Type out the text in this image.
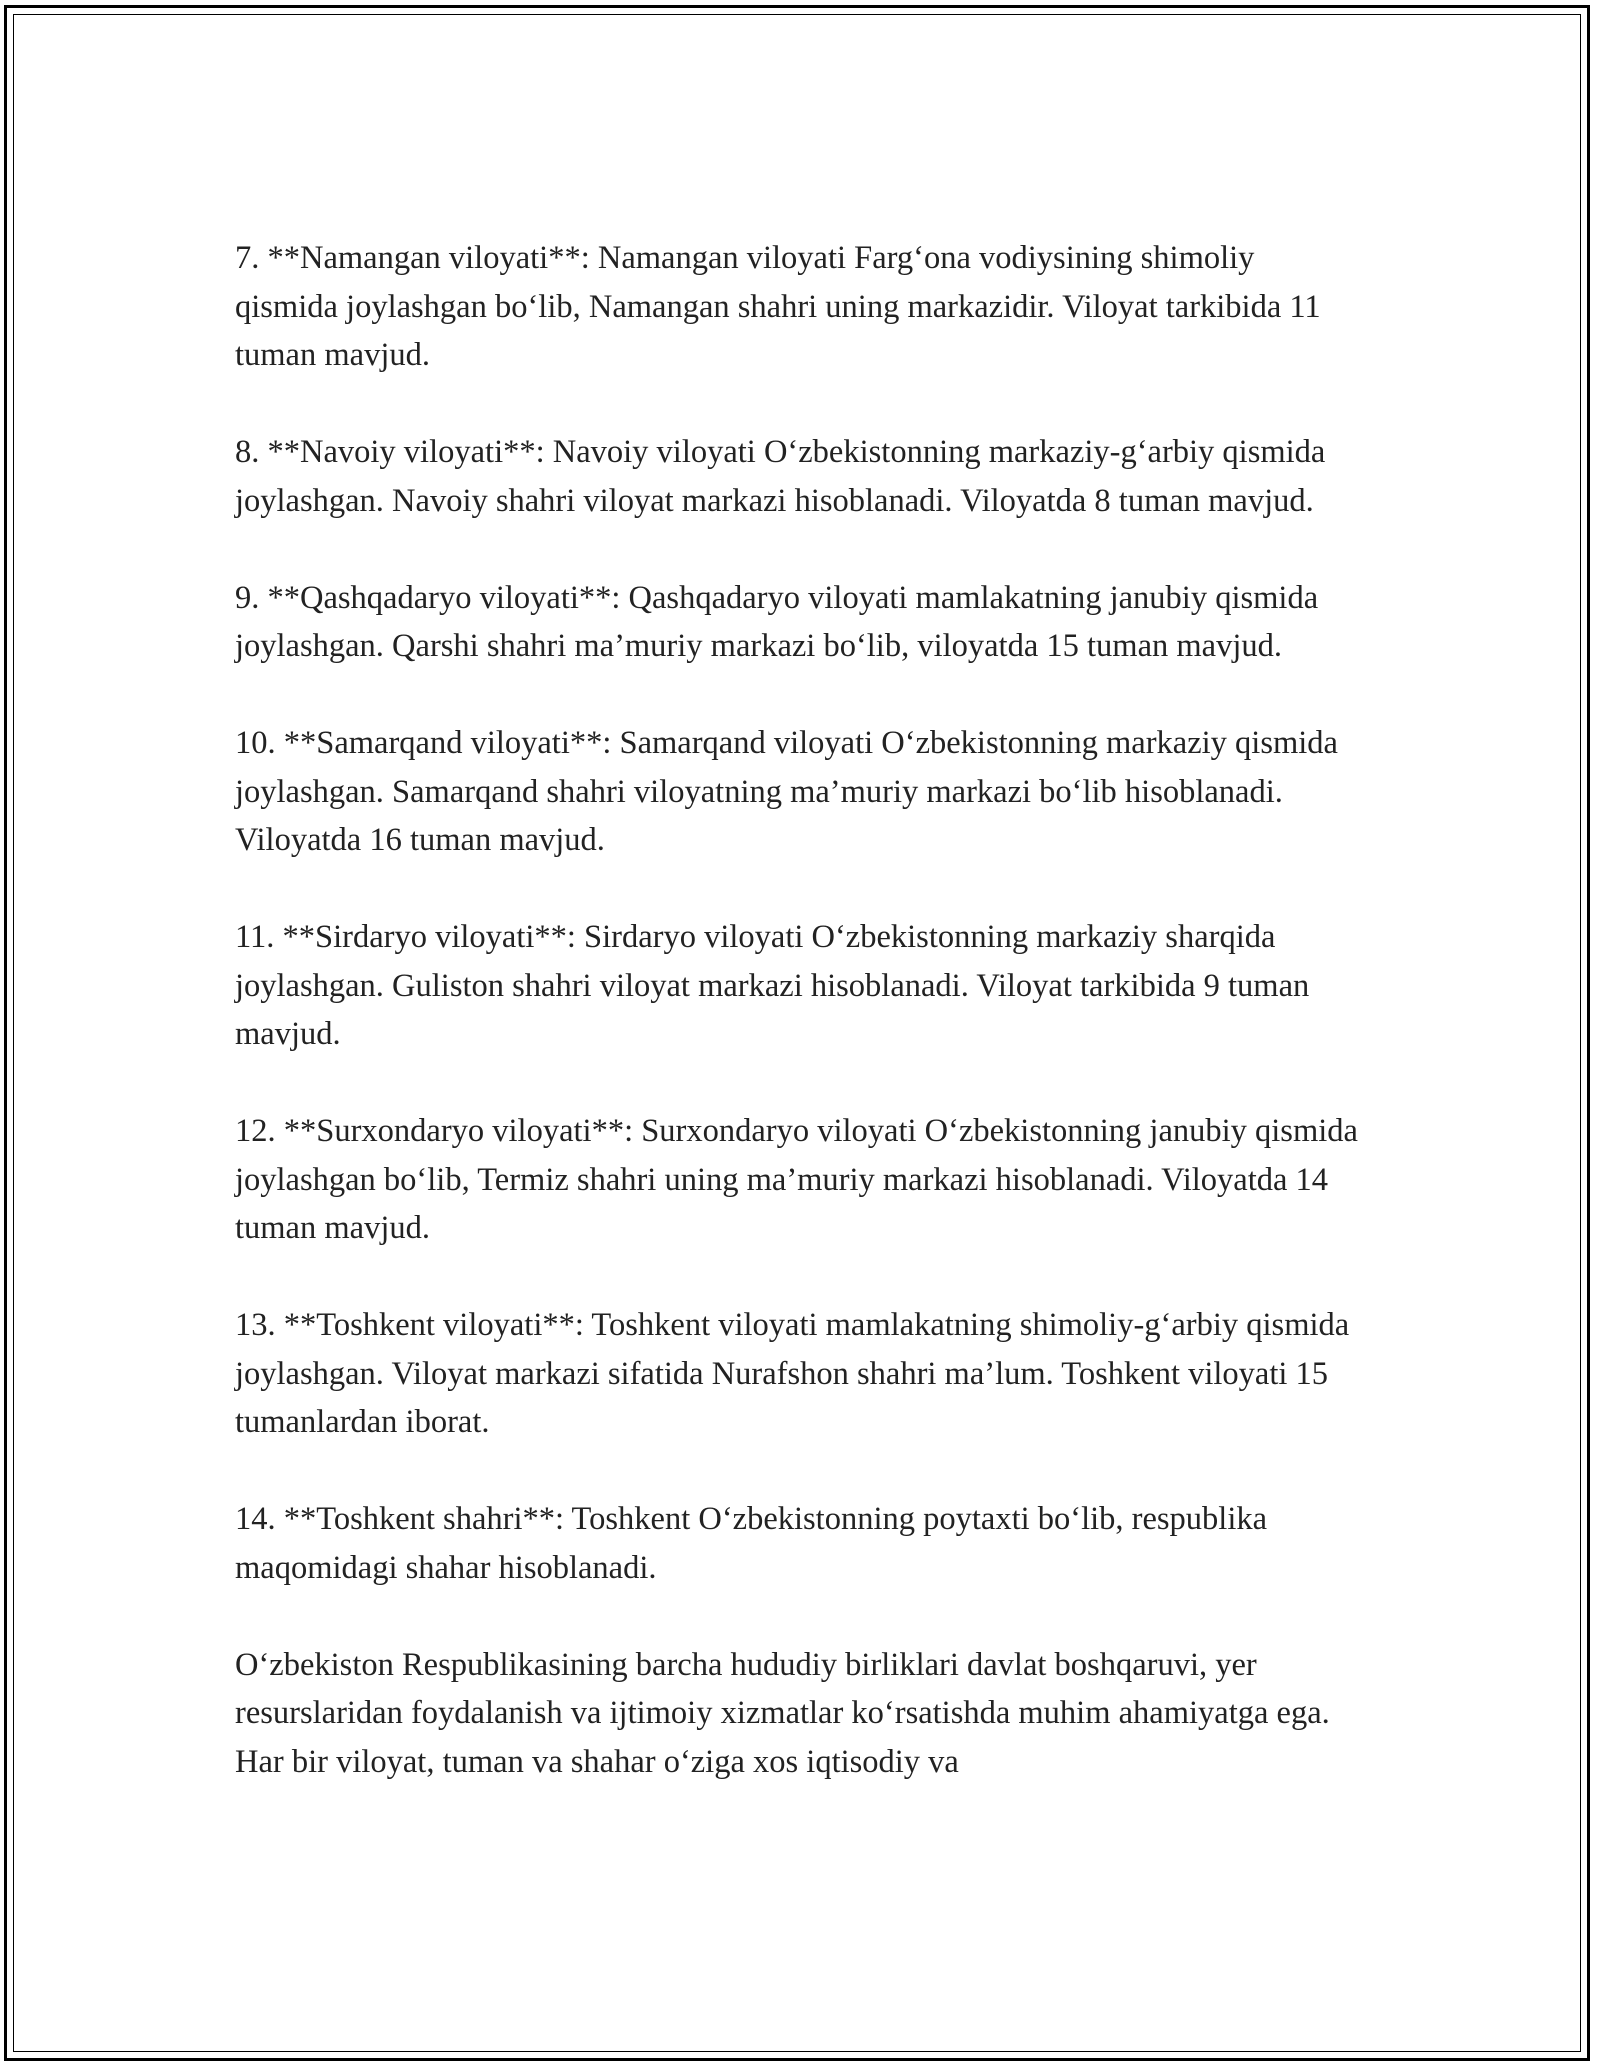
7. **Namangan viloyati**: Namangan viloyati Farg‘ona vodiysining shimoliy qismida joylashgan bo‘lib, Namangan shahri uning markazidir. Viloyat tarkibida 11 tuman mavjud.

8. **Navoiy viloyati**: Navoiy viloyati O‘zbekistonning markaziy-g‘arbiy qismida joylashgan. Navoiy shahri viloyat markazi hisoblanadi. Viloyatda 8 tuman mavjud.

9. **Qashqadaryo viloyati**: Qashqadaryo viloyati mamlakatning janubiy qismida joylashgan. Qarshi shahri ma’muriy markazi bo‘lib, viloyatda 15 tuman mavjud.

10. **Samarqand viloyati**: Samarqand viloyati O‘zbekistonning markaziy qismida joylashgan. Samarqand shahri viloyatning ma’muriy markazi bo‘lib hisoblanadi. Viloyatda 16 tuman mavjud.

11. **Sirdaryo viloyati**: Sirdaryo viloyati O‘zbekistonning markaziy sharqida joylashgan. Guliston shahri viloyat markazi hisoblanadi. Viloyat tarkibida 9 tuman mavjud.

12. **Surxondaryo viloyati**: Surxondaryo viloyati O‘zbekistonning janubiy qismida joylashgan bo‘lib, Termiz shahri uning ma’muriy markazi hisoblanadi. Viloyatda 14 tuman mavjud.

13. **Toshkent viloyati**: Toshkent viloyati mamlakatning shimoliy-g‘arbiy qismida joylashgan. Viloyat markazi sifatida Nurafshon shahri ma’lum. Toshkent viloyati 15 tumanlardan iborat.

14. **Toshkent shahri**: Toshkent O‘zbekistonning poytaxti bo‘lib, respublika maqomidagi shahar hisoblanadi.

O‘zbekiston Respublikasining barcha hududiy birliklari davlat boshqaruvi, yer resurslaridan foydalanish va ijtimoiy xizmatlar ko‘rsatishda muhim ahamiyatga ega. Har bir viloyat, tuman va shahar o‘ziga xos iqtisodiy va
